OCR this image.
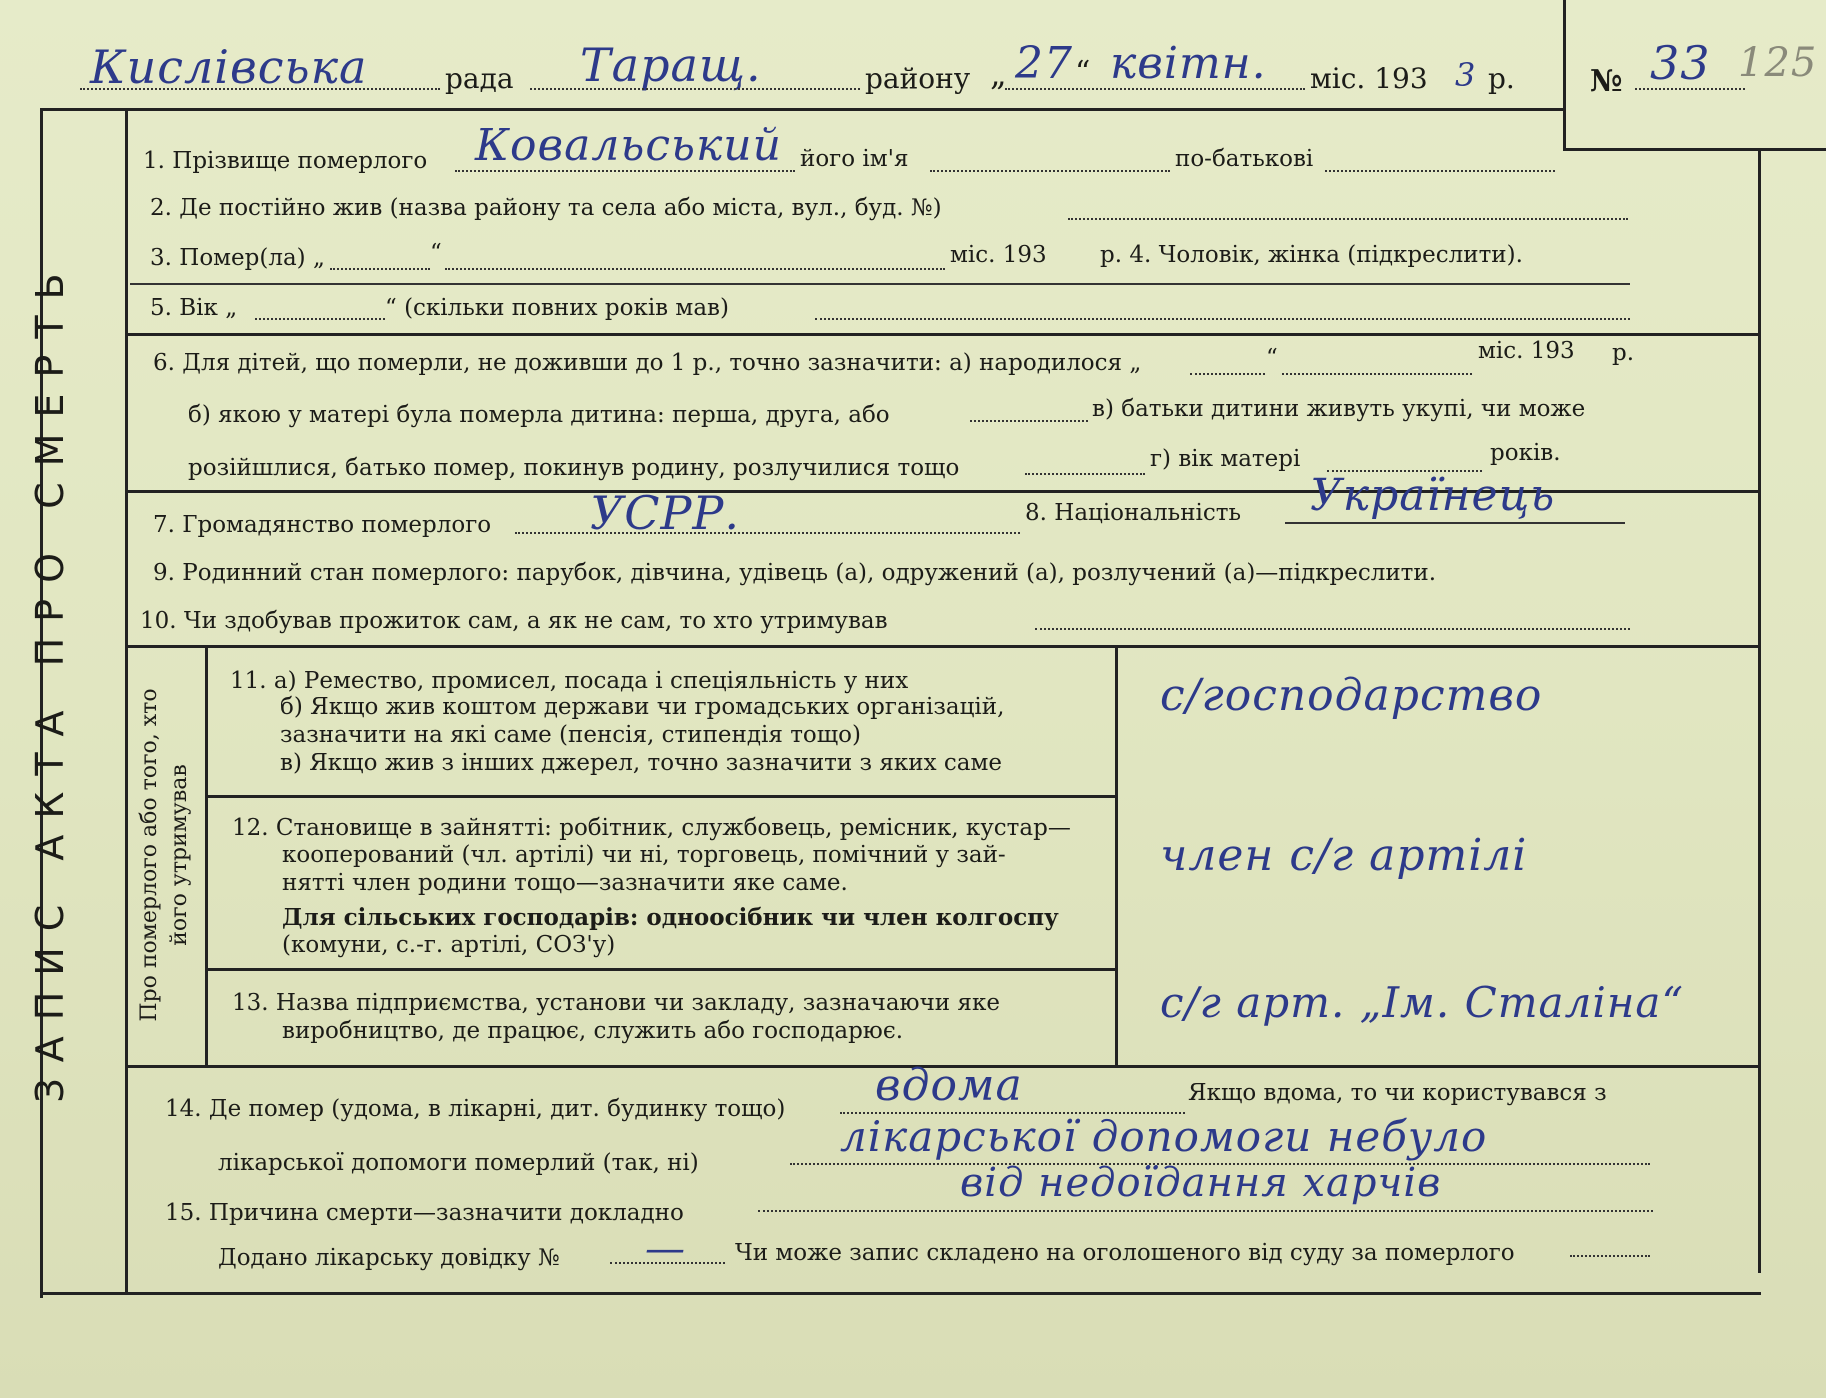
Кислівська	рада Таращ.	району „ 27 “ квітн. міс. 193 3 р.	№ 33 125
ЗАПИС АКТА ПРО СМЕРТЬ
1. Прізвище померлого Ковальський його ім'я	по-батькові
2. Де постійно жив (назва району та села або міста, вул., буд. №)
3. Помер(ла) „	“	міс. 193 р. 4. Чоловік, жінка (підкреслити).
5. Вік „	“ (скільки повних років мав)
6. Для дітей, що померли, не доживши до 1 р., точно зазначити: а) народилося „	“	міс. 193 р.
б) якою у матері була померла дитина: перша, друга, або	в) батьки дитини живуть укупі, чи може
розійшлися, батько помер, покинув родину, розлучилися тощо	г) вік матері	років.
7. Громадянство померлого УСРР.	8. Національність Українець
9. Родинний стан померлого: парубок, дівчина, удівець (а), одружений (а), розлучений (а)—підкреслити.
10. Чи здобував прожиток сам, а як не сам, то хто утримував
Про померлого або того, хто його утримував
11. а) Ремество, промисел, посада і спеціяльність у них
б) Якщо жив коштом держави чи громадських організацій,
зазначити на які саме (пенсія, стипендія тощо)
в) Якщо жив з інших джерел, точно зазначити з яких саме
с/господарство
12. Становище в зайнятті: робітник, службовець, ремісник, кустар—
кооперований (чл. артілі) чи ні, торговець, помічний у зай-
нятті член родини тощо—зазначити яке саме.
Для сільських господарів: одноосібник чи член колгоспу
(комуни, с.-г. артілі, СОЗ'у)
член с/г артілі
13. Назва підприємства, установи чи закладу, зазначаючи яке
виробництво, де працює, служить або господарює.
с/г арт. „Ім. Сталіна“
14. Де помер (удома, в лікарні, дит. будинку тощо) вдома	Якщо вдома, то чи користувався з
лікарської допомоги померлий (так, ні)
лікарської допомоги небуло
15. Причина смерти—зазначити докладно
від недоїдання харчів
Додано лікарську довідку № — Чи може запис складено на оголошеного від суду за померлого
